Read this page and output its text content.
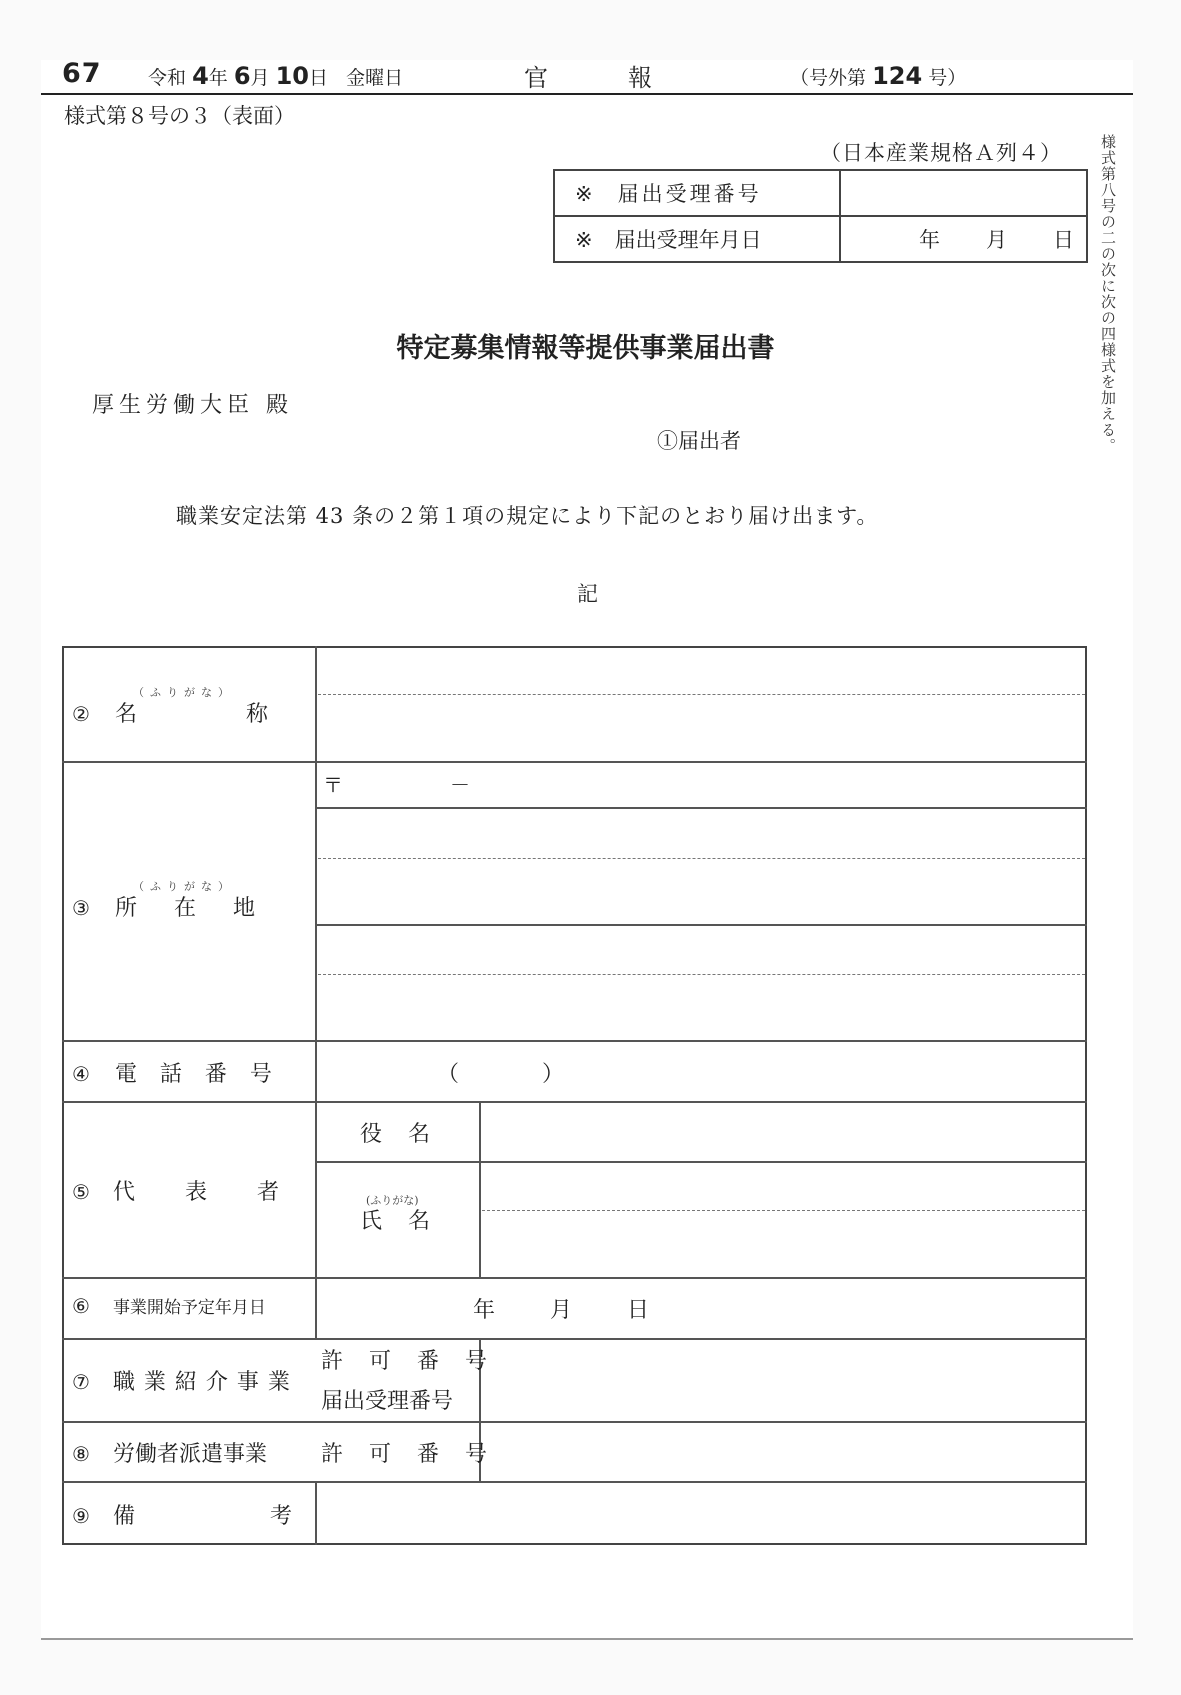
67 令和 4年 6月 10日 金曜日	官	報	（号外第 124 号）
様式第８号の３（表面）
（日本産業規格Ａ列４） 様式第八号の二の次に次の四様式を加える。
※ 届出受理番号	
※ 届出受理年月日	年 月 日
特定募集情報等提供事業届出書
厚生労働大臣 殿
①届出者
職業安定法第 43 条の２第１項の規定により下記のとおり届け出ます。
記
（ふりがな）
② 名	称
（ふりがな）
③ 所 在 地
〒	－
④ 電 話 番 号	（	）
⑤ 代　表　者
役　名
(ふりがな)
氏　名
⑥ 事業開始予定年月日	年 月 日
⑦ 職 業 紹 介 事 業
許　可　番　号
届出受理番号
⑧ 労働者派遣事業 許　可　番　号
⑨ 備	考
